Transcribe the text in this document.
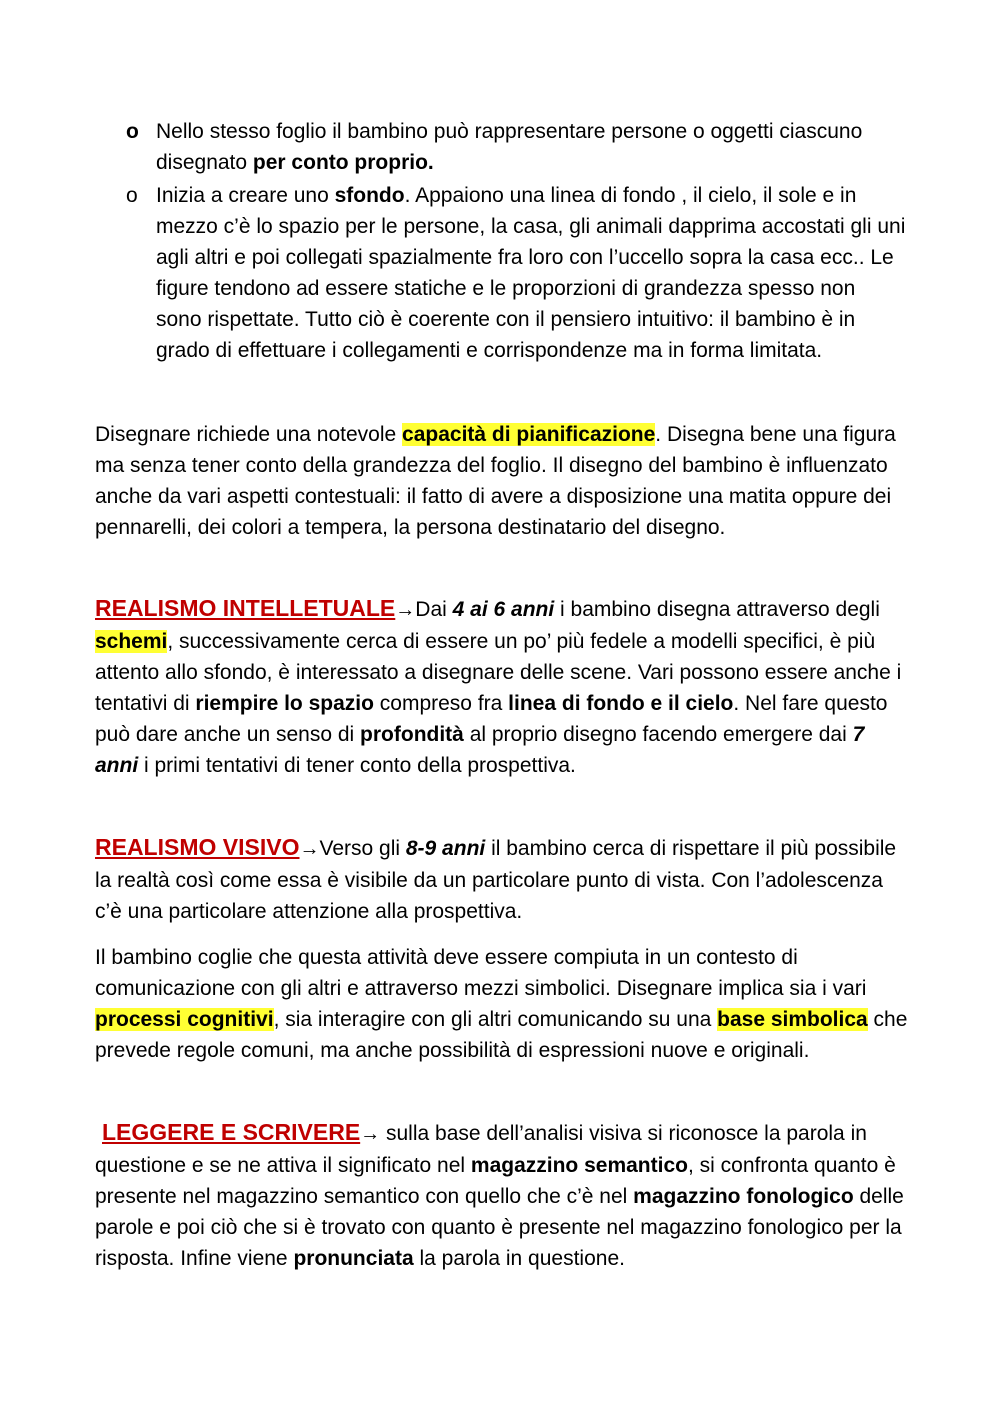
o Nello stesso foglio il bambino può rappresentare persone o oggetti ciascuno disegnato per conto proprio.
o Inizia a creare uno sfondo. Appaiono una linea di fondo , il cielo, il sole e in mezzo c’è lo spazio per le persone, la casa, gli animali dapprima accostati gli uni agli altri e poi collegati spazialmente fra loro con l’uccello sopra la casa ecc.. Le figure tendono ad essere statiche e le proporzioni di grandezza spesso non sono rispettate. Tutto ciò è coerente con il pensiero intuitivo: il bambino è in grado di effettuare i collegamenti e corrispondenze ma in forma limitata.

Disegnare richiede una notevole capacità di pianificazione. Disegna bene una figura ma senza tener conto della grandezza del foglio. Il disegno del bambino è influenzato anche da vari aspetti contestuali: il fatto di avere a disposizione una matita oppure dei pennarelli, dei colori a tempera, la persona destinatario del disegno.

REALISMO INTELLETUALE→Dai 4 ai 6 anni i bambino disegna attraverso degli schemi, successivamente cerca di essere un po’ più fedele a modelli specifici, è più attento allo sfondo, è interessato a disegnare delle scene. Vari possono essere anche i tentativi di riempire lo spazio compreso fra linea di fondo e il cielo. Nel fare questo può dare anche un senso di profondità al proprio disegno facendo emergere dai 7 anni i primi tentativi di tener conto della prospettiva.

REALISMO VISIVO→Verso gli 8-9 anni il bambino cerca di rispettare il più possibile la realtà così come essa è visibile da un particolare punto di vista. Con l’adolescenza c’è una particolare attenzione alla prospettiva.

Il bambino coglie che questa attività deve essere compiuta in un contesto di comunicazione con gli altri e attraverso mezzi simbolici. Disegnare implica sia i vari processi cognitivi, sia interagire con gli altri comunicando su una base simbolica che prevede regole comuni, ma anche possibilità di espressioni nuove e originali.

LEGGERE E SCRIVERE→ sulla base dell’analisi visiva si riconosce la parola in questione e se ne attiva il significato nel magazzino semantico, si confronta quanto è presente nel magazzino semantico con quello che c’è nel magazzino fonologico delle parole e poi ciò che si è trovato con quanto è presente nel magazzino fonologico per la risposta. Infine viene pronunciata la parola in questione.
